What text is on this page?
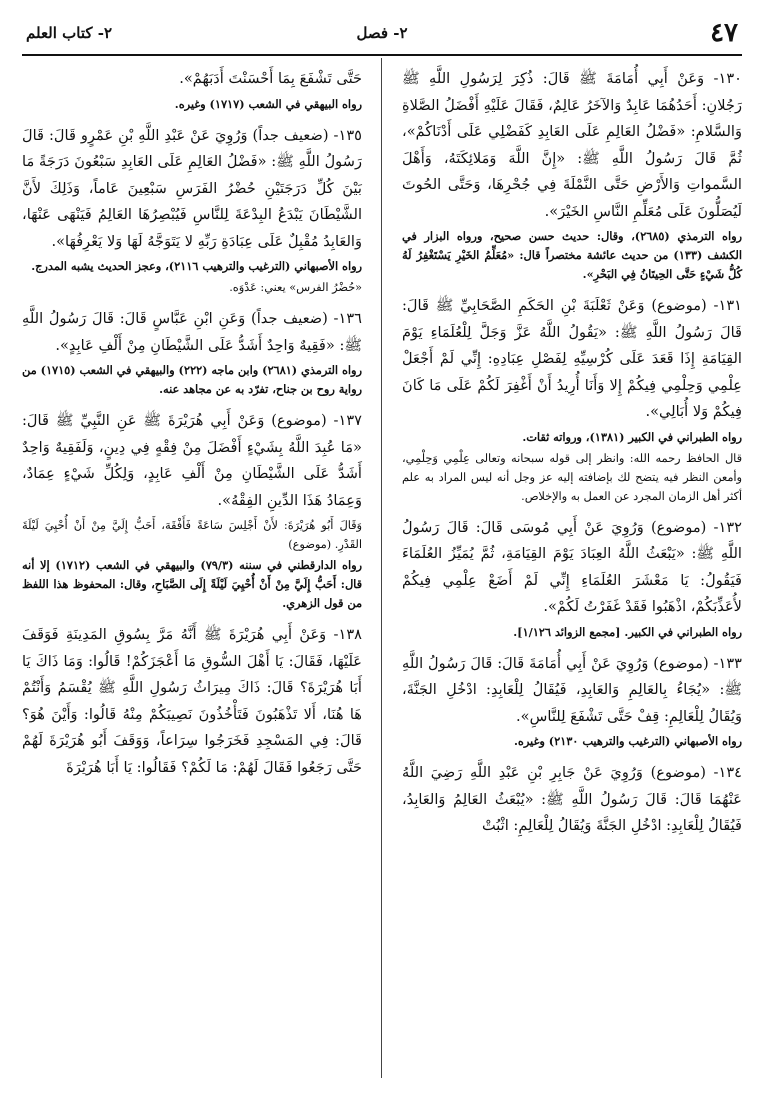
٤٧
٢- فصل
٢- كتاب العلم
١٣٠- وَعَنْ أَبِي أُمَامَةَ ﷺ قَالَ: ذُكِرَ لِرَسُولِ اللَّهِ ﷺ رَجُلانِ: أَحَدُهُمَا عَابِدٌ وَالآخَرُ عَالِمٌ، فَقَالَ عَلَيْهِ أَفْضَلُ الصَّلاةِ وَالسَّلامِ: «فَضْلُ العَالِمِ عَلَى العَابِدِ كَفَضْلِي عَلَى أَدْنَاكُمْ»، ثُمَّ قَالَ رَسُولُ اللَّهِ ﷺ: «إِنَّ اللَّهَ وَمَلائِكَتَهُ، وَأَهْلَ السَّمواتِ وَالأَرْضِ حَتَّى النَّمْلَةَ فِي جُحْرِهَا، وَحَتَّى الحُوتَ لَيُصَلُّونَ عَلَى مُعَلِّمِ النَّاسِ الخَيْرَ».
رواه الترمذي (٢٦٨٥)، وقال: حديث حسن صحيح، ورواه البزار في الكشف (١٣٣) من حديث عائشة مختصراً قال: «مُعَلِّمُ الخَيْرِ يَسْتَغْفِرُ لَهُ كُلُّ شَيْءٍ حَتَّى الحِيتَانُ فِي البَحْرِ».
١٣١- (موضوع) وَعَنْ ثَعْلَبَةَ بْنِ الحَكَمِ الصَّحَابِيِّ ﷺ قَالَ: قَالَ رَسُولُ اللَّهِ ﷺ: «يَقُولُ اللَّهُ عَزَّ وَجَلَّ لِلْعُلَمَاءِ يَوْمَ القِيَامَةِ إِذَا قَعَدَ عَلَى كُرْسِيِّهِ لِفَصْلِ عِبَادِهِ: إِنِّي لَمْ أَجْعَلْ عِلْمِي وَحِلْمِي فِيكُمْ إِلا وَأَنَا أُرِيدُ أَنْ أَغْفِرَ لَكُمْ عَلَى مَا كَانَ فِيكُمْ وَلا أُبَالِي».
رواه الطبراني في الكبير (١٣٨١)، ورواته ثقات.
قال الحافظ رحمه الله: وانظر إلى قوله سبحانه وتعالى عِلْمِي وَحِلْمِي، وأمعن النظر فيه يتضح لك بإضافته إليه عز وجل أنه ليس المراد به علم أكثر أهل الزمان المجرد عن العمل به والإخلاص.
١٣٢- (موضوع) وَرُوِيَ عَنْ أَبِي مُوسَى قَالَ: قَالَ رَسُولُ اللَّهِ ﷺ: «يَبْعَثُ اللَّهُ العِبَادَ يَوْمَ القِيَامَةِ، ثُمَّ يُمَيِّزُ العُلَمَاءَ فَيَقُولُ: يَا مَعْشَرَ العُلَمَاءِ إِنِّي لَمْ أَضَعْ عِلْمِي فِيكُمْ لأُعَذِّبَكُمْ، اذْهَبُوا فَقَدْ غَفَرْتُ لَكُمْ».
رواه الطبراني في الكبير. [مجمع الزوائد ١/١٢٦].
١٣٣- (موضوع) وَرُوِيَ عَنْ أَبِي أُمَامَةَ قَالَ: قَالَ رَسُولُ اللَّهِ ﷺ: «يُجَاءُ بِالعَالِمِ وَالعَابِدِ، فَيُقَالُ لِلْعَابِدِ: ادْخُلِ الجَنَّةَ، وَيُقَالُ لِلْعَالِمِ: قِفْ حَتَّى تَشْفَعَ لِلنَّاسِ».
رواه الأصبهاني (الترغيب والترهيب ٢١٣٠) وغيره.
١٣٤- (موضوع) وَرُوِيَ عَنْ جَابِرِ بْنِ عَبْدِ اللَّهِ رَضِيَ اللَّهُ عَنْهُمَا قَالَ: قَالَ رَسُولُ اللَّهِ ﷺ: «يُبْعَثُ العَالِمُ وَالعَابِدُ، فَيُقَالُ لِلْعَابِدِ: ادْخُلِ الجَنَّةَ وَيُقَالُ لِلْعَالِمِ: اثْبُتْ
حَتَّى تَشْفَعَ بِمَا أَحْسَنْتَ أَدَبَهُمْ».
رواه البيهقي في الشعب (١٧١٧) وغيره.
١٣٥- (ضعيف جداً) وَرُوِيَ عَنْ عَبْدِ اللَّهِ بْنِ عَمْرٍو قَالَ: قَالَ رَسُولُ اللَّهِ ﷺ: «فَضْلُ العَالِمِ عَلَى العَابِدِ سَبْعُونَ دَرَجَةً مَا بَيْنَ كُلِّ دَرَجَتَيْنِ حُضْرُ الفَرَسِ سَبْعِينَ عَاماً، وَذَلِكَ لأَنَّ الشَّيْطَانَ يَبْدَعُ البِدْعَةَ لِلنَّاسِ فَيُبْصِرُهَا العَالِمُ فَيَنْهَى عَنْهَا، وَالعَابِدُ مُقْبِلٌ عَلَى عِبَادَةِ رَبِّهِ لا يَتَوَجَّهُ لَهَا وَلا يَعْرِفُهَا».
رواه الأصبهاني (الترغيب والترهيب ٢١١٦)، وعجز الحديث يشبه المدرج.
«حُضْرُ الفرس» يعني: عَدْوَه.
١٣٦- (ضعيف جداً) وَعَنِ ابْنِ عَبَّاسٍ قَالَ: قَالَ رَسُولُ اللَّهِ ﷺ: «فَقِيهٌ وَاحِدٌ أَشَدُّ عَلَى الشَّيْطَانِ مِنْ أَلْفِ عَابِدٍ».
رواه الترمذي (٢٦٨١) وابن ماجه (٢٢٢) والبيهقي في الشعب (١٧١٥) من رواية روح بن جناح، تفرّد به عن مجاهد عنه.
١٣٧- (موضوع) وَعَنْ أَبِي هُرَيْرَةَ ﷺ عَنِ النَّبِيِّ ﷺ قَالَ: «مَا عُبِدَ اللَّهُ بِشَيْءٍ أَفْضَلَ مِنْ فِقْهٍ فِي دِينٍ، وَلَفَقِيهٌ وَاحِدٌ أَشَدُّ عَلَى الشَّيْطَانِ مِنْ أَلْفِ عَابِدٍ، وَلِكُلِّ شَيْءٍ عِمَادٌ، وَعِمَادُ هَذَا الدِّينِ الفِقْهُ».
وَقَالَ أَبُو هُرَيْرَةَ: لأَنْ أَجْلِسَ سَاعَةً فَأَفْقَهَ، أَحَبُّ إِلَيَّ مِنْ أَنْ أُحْيِيَ لَيْلَةَ القَدْرِ. (موضوع)
رواه الدارقطني في سننه (٧٩/٣) والبيهقي في الشعب (١٧١٢) إلا أنه قال: أَحَبُّ إِلَيَّ مِنْ أَنْ أُحْيِيَ لَيْلَةً إِلَى الصَّبَاحِ، وقال: المحفوظ هذا اللفظ من قول الزهري.
١٣٨- وَعَنْ أَبِي هُرَيْرَةَ ﷺ أَنَّهُ مَرَّ بِسُوقِ المَدِينَةِ فَوَقَفَ عَلَيْهَا، فَقَالَ: يَا أَهْلَ السُّوقِ مَا أَعْجَزَكُمْ! قَالُوا: وَمَا ذَاكَ يَا أَبَا هُرَيْرَةَ؟ قَالَ: ذَاكَ مِيرَاثُ رَسُولِ اللَّهِ ﷺ يُقْسَمُ وَأَنْتُمْ هَا هُنَا، أَلا تَذْهَبُونَ فَتَأْخُذُونَ نَصِيبَكُمْ مِنْهُ قَالُوا: وَأَيْنَ هُوَ؟ قَالَ: فِي المَسْجِدِ فَخَرَجُوا سِرَاعاً، وَوَقَفَ أَبُو هُرَيْرَةَ لَهُمْ حَتَّى رَجَعُوا فَقَالَ لَهُمْ: مَا لَكُمْ؟ فَقَالُوا: يَا أَبَا هُرَيْرَةَ
